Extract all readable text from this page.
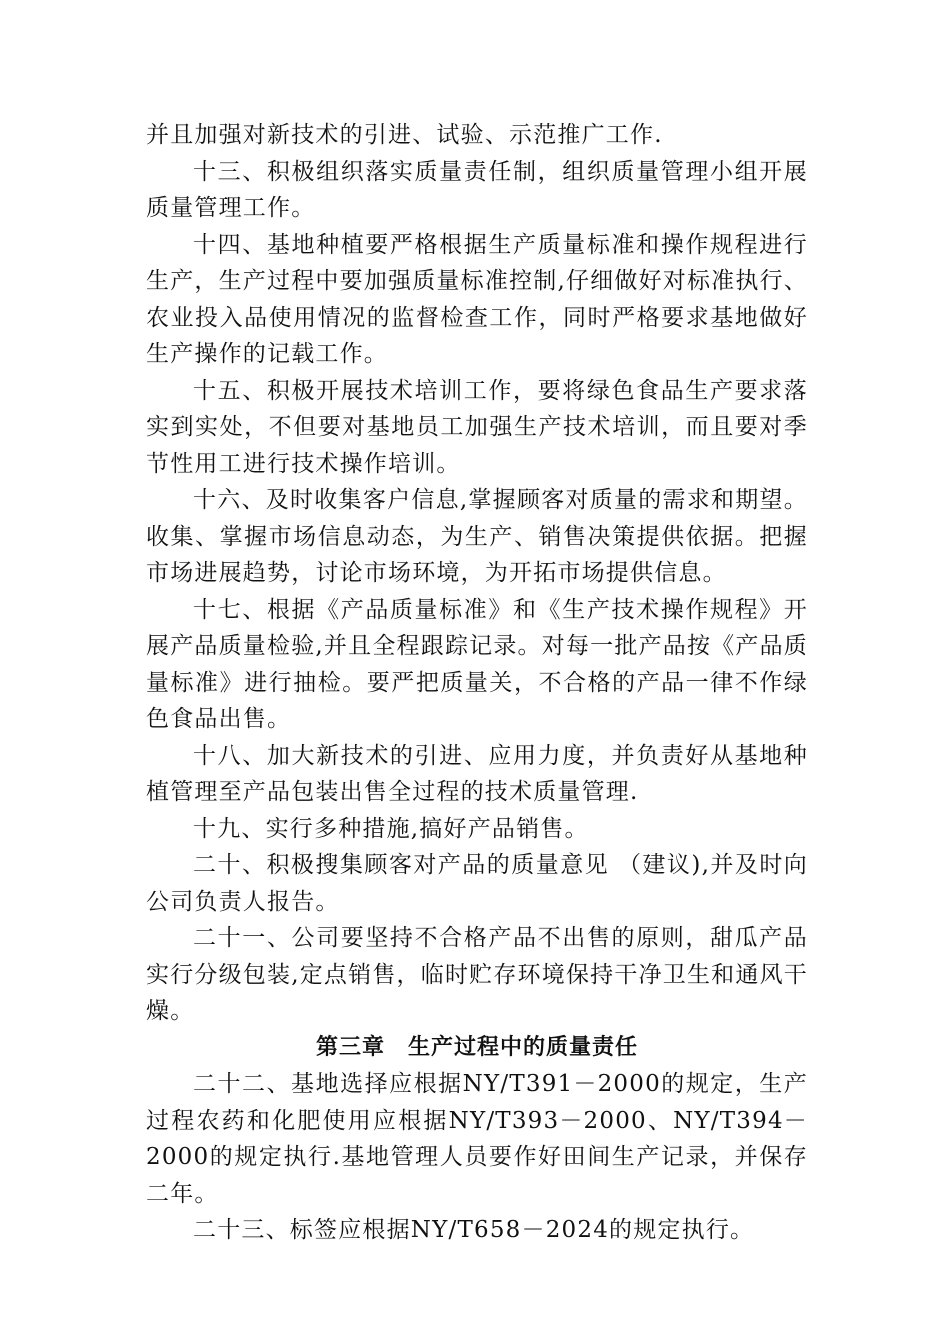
并且加强对新技术的引进、试验、示范推广工作.

十三、积极组织落实质量责任制，组织质量管理小组开展质量管理工作。

十四、基地种植要严格根据生产质量标准和操作规程进行生产，生产过程中要加强质量标准控制,仔细做好对标准执行、农业投入品使用情况的监督检查工作，同时严格要求基地做好生产操作的记载工作。

十五、积极开展技术培训工作，要将绿色食品生产要求落实到实处，不但要对基地员工加强生产技术培训，而且要对季节性用工进行技术操作培训。

十六、及时收集客户信息,掌握顾客对质量的需求和期望。收集、掌握市场信息动态，为生产、销售决策提供依据。把握市场进展趋势，讨论市场环境，为开拓市场提供信息。

十七、根据《产品质量标准》和《生产技术操作规程》开展产品质量检验,并且全程跟踪记录。对每一批产品按《产品质量标准》进行抽检。要严把质量关，不合格的产品一律不作绿色食品出售。

十八、加大新技术的引进、应用力度，并负责好从基地种植管理至产品包装出售全过程的技术质量管理.

十九、实行多种措施,搞好产品销售。

二十、积极搜集顾客对产品的质量意见 （建议),并及时向公司负责人报告。

二十一、公司要坚持不合格产品不出售的原则，甜瓜产品实行分级包装,定点销售，临时贮存环境保持干净卫生和通风干燥。

第三章　生产过程中的质量责任

二十二、基地选择应根据NY/T391－2000的规定，生产过程农药和化肥使用应根据NY/T393－2000、NY/T394－2000的规定执行.基地管理人员要作好田间生产记录，并保存二年。

二十三、标签应根据NY/T658－2024的规定执行。
